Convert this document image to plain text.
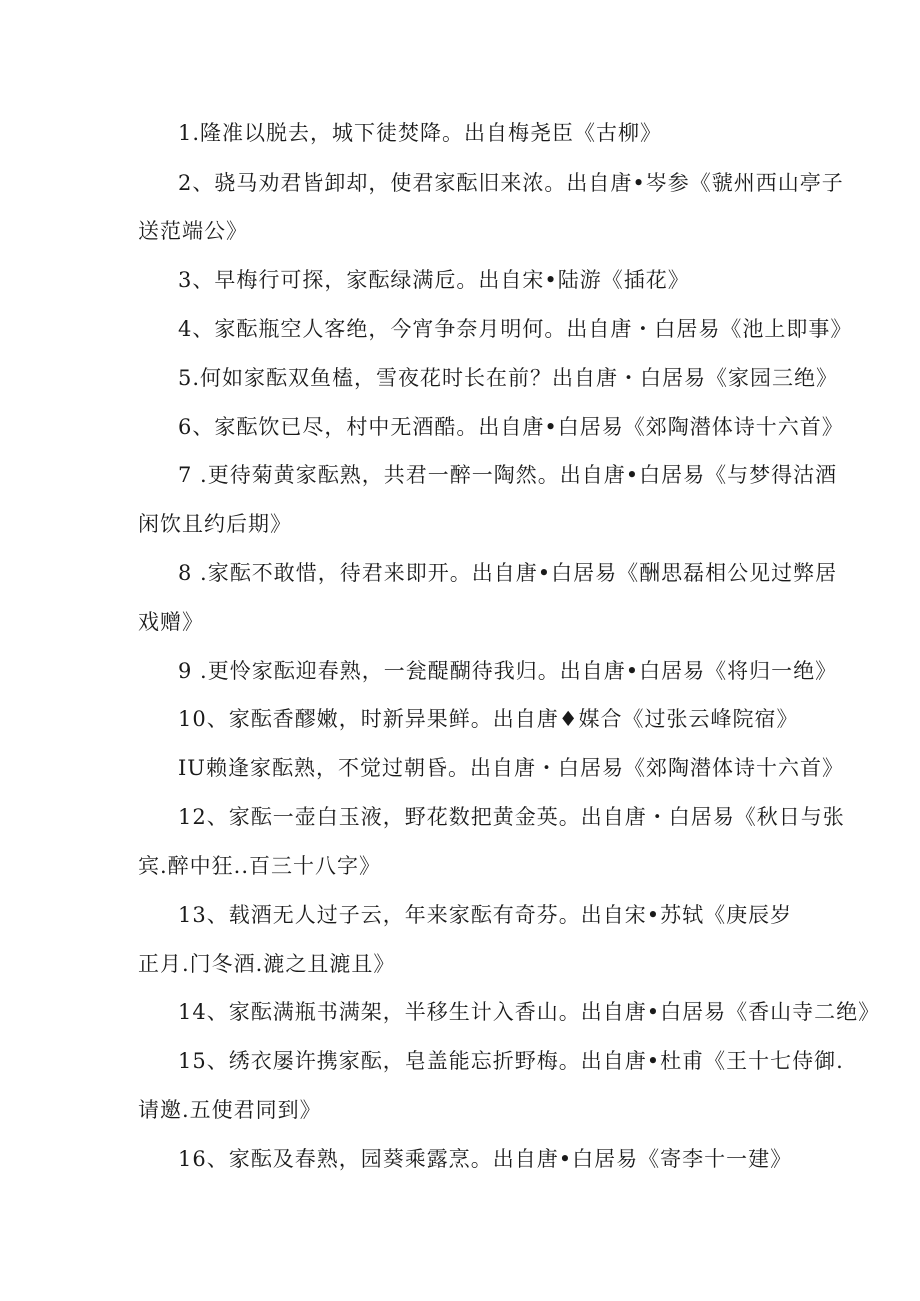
1.隆准以脱去，城下徒焚降。出自梅尧臣《古柳》
2、骁马劝君皆卸却，使君家酝旧来浓。出自唐•岑参《虢州西山亭子
送范端公》
3、早梅行可探，家酝绿满卮。出自宋•陆游《插花》
4、家酝瓶空人客绝，今宵争奈月明何。出自唐・白居易《池上即事》
5.何如家酝双鱼榼，雪夜花时长在前？出自唐・白居易《家园三绝》
6、家酝饮已尽，村中无酒酷。出自唐•白居易《郊陶潜体诗十六首》
7 .更待菊黄家酝熟，共君一醉一陶然。出自唐•白居易《与梦得沽酒
闲饮且约后期》
8 .家酝不敢惜，待君来即开。出自唐•白居易《酬思磊相公见过弊居
戏赠》
9 .更怜家酝迎春熟，一瓮醍醐待我归。出自唐•白居易《将归一绝》
10、家酝香醪嫩，时新异果鲜。出自唐♦媒合《过张云峰院宿》
IU赖逢家酝熟，不觉过朝昏。出自唐・白居易《郊陶潜体诗十六首》
12、家酝一壶白玉液，野花数把黄金英。出自唐・白居易《秋日与张
宾.醉中狂..百三十八字》
13、载酒无人过子云，年来家酝有奇芬。出自宋•苏轼《庚辰岁
正月.门冬酒.漉之且漉且》
14、家酝满瓶书满架，半移生计入香山。出自唐•白居易《香山寺二绝》
15、绣衣屡许携家酝，皂盖能忘折野梅。出自唐•杜甫《王十七侍御.
请邀.五使君同到》
16、家酝及春熟，园葵乘露烹。出自唐•白居易《寄李十一建》
